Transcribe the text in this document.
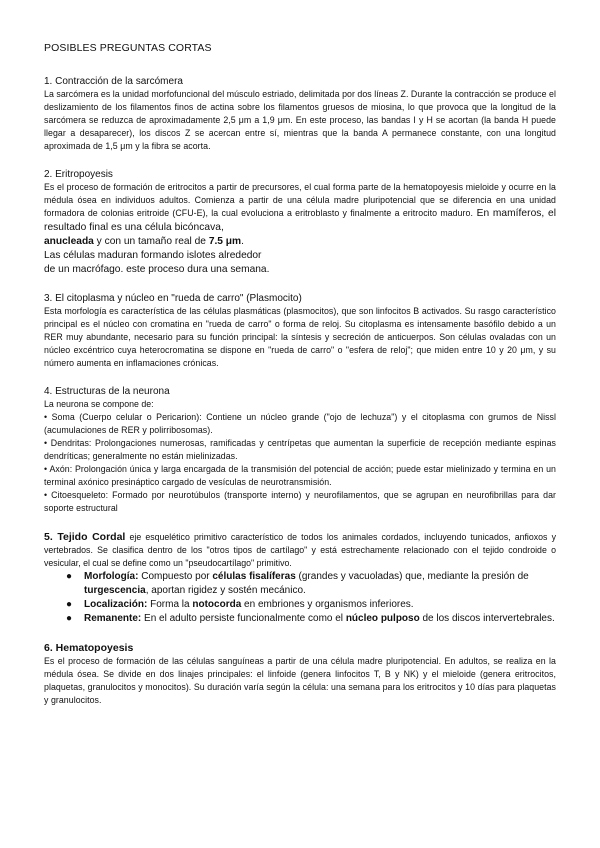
POSIBLES PREGUNTAS CORTAS
1. Contracción de la sarcómera
La sarcómera es la unidad morfofuncional del músculo estriado, delimitada por dos líneas Z. Durante la contracción se produce el deslizamiento de los filamentos finos de actina sobre los filamentos gruesos de miosina, lo que provoca que la longitud de la sarcómera se reduzca de aproximadamente 2,5 μm a 1,9 μm. En este proceso, las bandas I y H se acortan (la banda H puede llegar a desaparecer), los discos Z se acercan entre sí, mientras que la banda A permanece constante, con una longitud aproximada de 1,5 μm y la fibra se acorta.
2. Eritropoyesis
Es el proceso de formación de eritrocitos a partir de precursores, el cual forma parte de la hematopoyesis mieloide y ocurre en la médula ósea en individuos adultos. Comienza a partir de una célula madre pluripotencial que se diferencia en una unidad formadora de colonias eritroide (CFU-E), la cual evoluciona a eritroblasto y finalmente a eritrocito maduro. En mamíferos, el resultado final es una célula bicóncava,
anucleada y con un tamaño real de 7.5 μm.
Las células maduran formando islotes alrededor
de un macrófago. este proceso dura una semana.
3. El citoplasma y núcleo en "rueda de carro" (Plasmocito)
Esta morfología es característica de las células plasmáticas (plasmocitos), que son linfocitos B activados. Su rasgo característico principal es el núcleo con cromatina en "rueda de carro" o forma de reloj. Su citoplasma es intensamente basófilo debido a un RER muy abundante, necesario para su función principal: la síntesis y secreción de anticuerpos. Son células ovaladas con un núcleo excéntrico cuya heterocromatina se dispone en "rueda de carro" o "esfera de reloj"; que miden entre 10 y 20 μm, y su número aumenta en inflamaciones crónicas.
4. Estructuras de la neurona
La neurona se compone de:
• Soma (Cuerpo celular o Pericarion): Contiene un núcleo grande ("ojo de lechuza") y el citoplasma con grumos de Nissl (acumulaciones de RER y polirribosomas).
• Dendritas: Prolongaciones numerosas, ramificadas y centrípetas que aumentan la superficie de recepción mediante espinas dendríticas; generalmente no están mielinizadas.
• Axón: Prolongación única y larga encargada de la transmisión del potencial de acción; puede estar mielinizado y termina en un terminal axónico presináptico cargado de vesículas de neurotransmisión.
• Citoesqueleto: Formado por neurotúbulos (transporte interno) y neurofilamentos, que se agrupan en neurofibrillas para dar soporte estructural
5. Tejido Cordal eje esquelético primitivo característico de todos los animales cordados, incluyendo tunicados, anfioxos y vertebrados. Se clasifica dentro de los "otros tipos de cartílago" y está estrechamente relacionado con el tejido condroide o vesicular, el cual se define como un "pseudocartílago" primitivo.
● Morfología: Compuesto por células fisalíferas (grandes y vacuoladas) que, mediante la presión de turgescencia, aportan rigidez y sostén mecánico.
● Localización: Forma la notocorda en embriones y organismos inferiores.
● Remanente: En el adulto persiste funcionalmente como el núcleo pulposo de los discos intervertebrales.
6. Hematopoyesis
Es el proceso de formación de las células sanguíneas a partir de una célula madre pluripotencial. En adultos, se realiza en la médula ósea. Se divide en dos linajes principales: el linfoide (genera linfocitos T, B y NK) y el mieloide (genera eritrocitos, plaquetas, granulocitos y monocitos). Su duración varía según la célula: una semana para los eritrocitos y 10 días para plaquetas y granulocitos.
